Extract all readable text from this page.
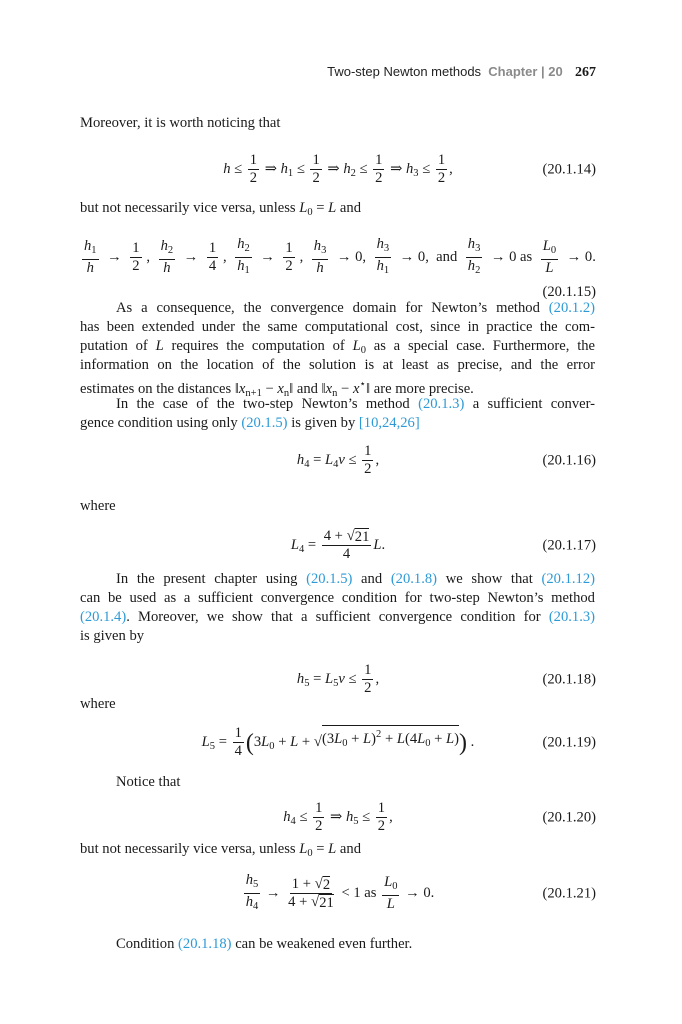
Two-step Newton methods Chapter | 20 267
Moreover, it is worth noticing that
$h \le \frac{1}{2}$ ⇒ $h_1 \le \frac{1}{2}$ ⇒ $h_2 \le \frac{1}{2}$ ⇒ $h_3 \le \frac{1}{2}$ ,	(20.1.14)
but not necessarily vice versa, unless $L_0 = L$ and
$\frac{h_1}{h} \to \frac{1}{2}$ , $\frac{h_2}{h} \to \frac{1}{4}$ , $\frac{h_2}{h_1} \to \frac{1}{2}$ , $\frac{h_3}{h} \to 0$, $\frac{h_3}{h_1} \to 0$,  and $\frac{h_3}{h_2} \to 0$ as $\frac{L_0}{L} \to 0$.
(20.1.15)
As a consequence, the convergence domain for Newton’s method (20.1.2)
has been extended under the same computational cost, since in practice the com-
putation of L requires the computation of $L_0$ as a special case. Furthermore, the
information on the location of the solution is at least as precise, and the error
estimates on the distances $‖x_{n+1}$ − $x_n‖$ and $‖x_n$ − x⋆‖ are more precise.
In the case of the two-step Newton’s method (20.1.3) a sufficient conver-
gence condition using only (20.1.5) is given by [10,24,26]
$h_4 = L_4v \le \frac{1}{2}$ ,	(20.1.16)
where
$L_4 = \frac{4 + √ 21}{4} L$.	(20.1.17)
In the present chapter using (20.1.5) and (20.1.8) we show that (20.1.12)
can be used as a sufficient convergence condition for two-step Newton’s method
(20.1.4). Moreover, we show that a sufficient convergence condition for (20.1.3)
is given by
$h_5 = L_5v \le \frac{1}{2}$ ,	(20.1.18)
where
$L_5 = \frac{1}{4} (3L_0 + L$ + √ $(3L_0 + L)^2 + L(4L_0 + L)$ ) .	(20.1.19)
Notice that
$h_4 \le \frac{1}{2}$ ⇒ $h_5 \le \frac{1}{2}$ ,	(20.1.20)
but not necessarily vice versa, unless $L_0 = L$ and
$\frac{h_5}{h_4} \to \frac{1 + √ 2}{4 + √ 21} < 1$ as $\frac{L_0}{L} \to 0$.	(20.1.21)
Condition (20.1.18) can be weakened even further.
